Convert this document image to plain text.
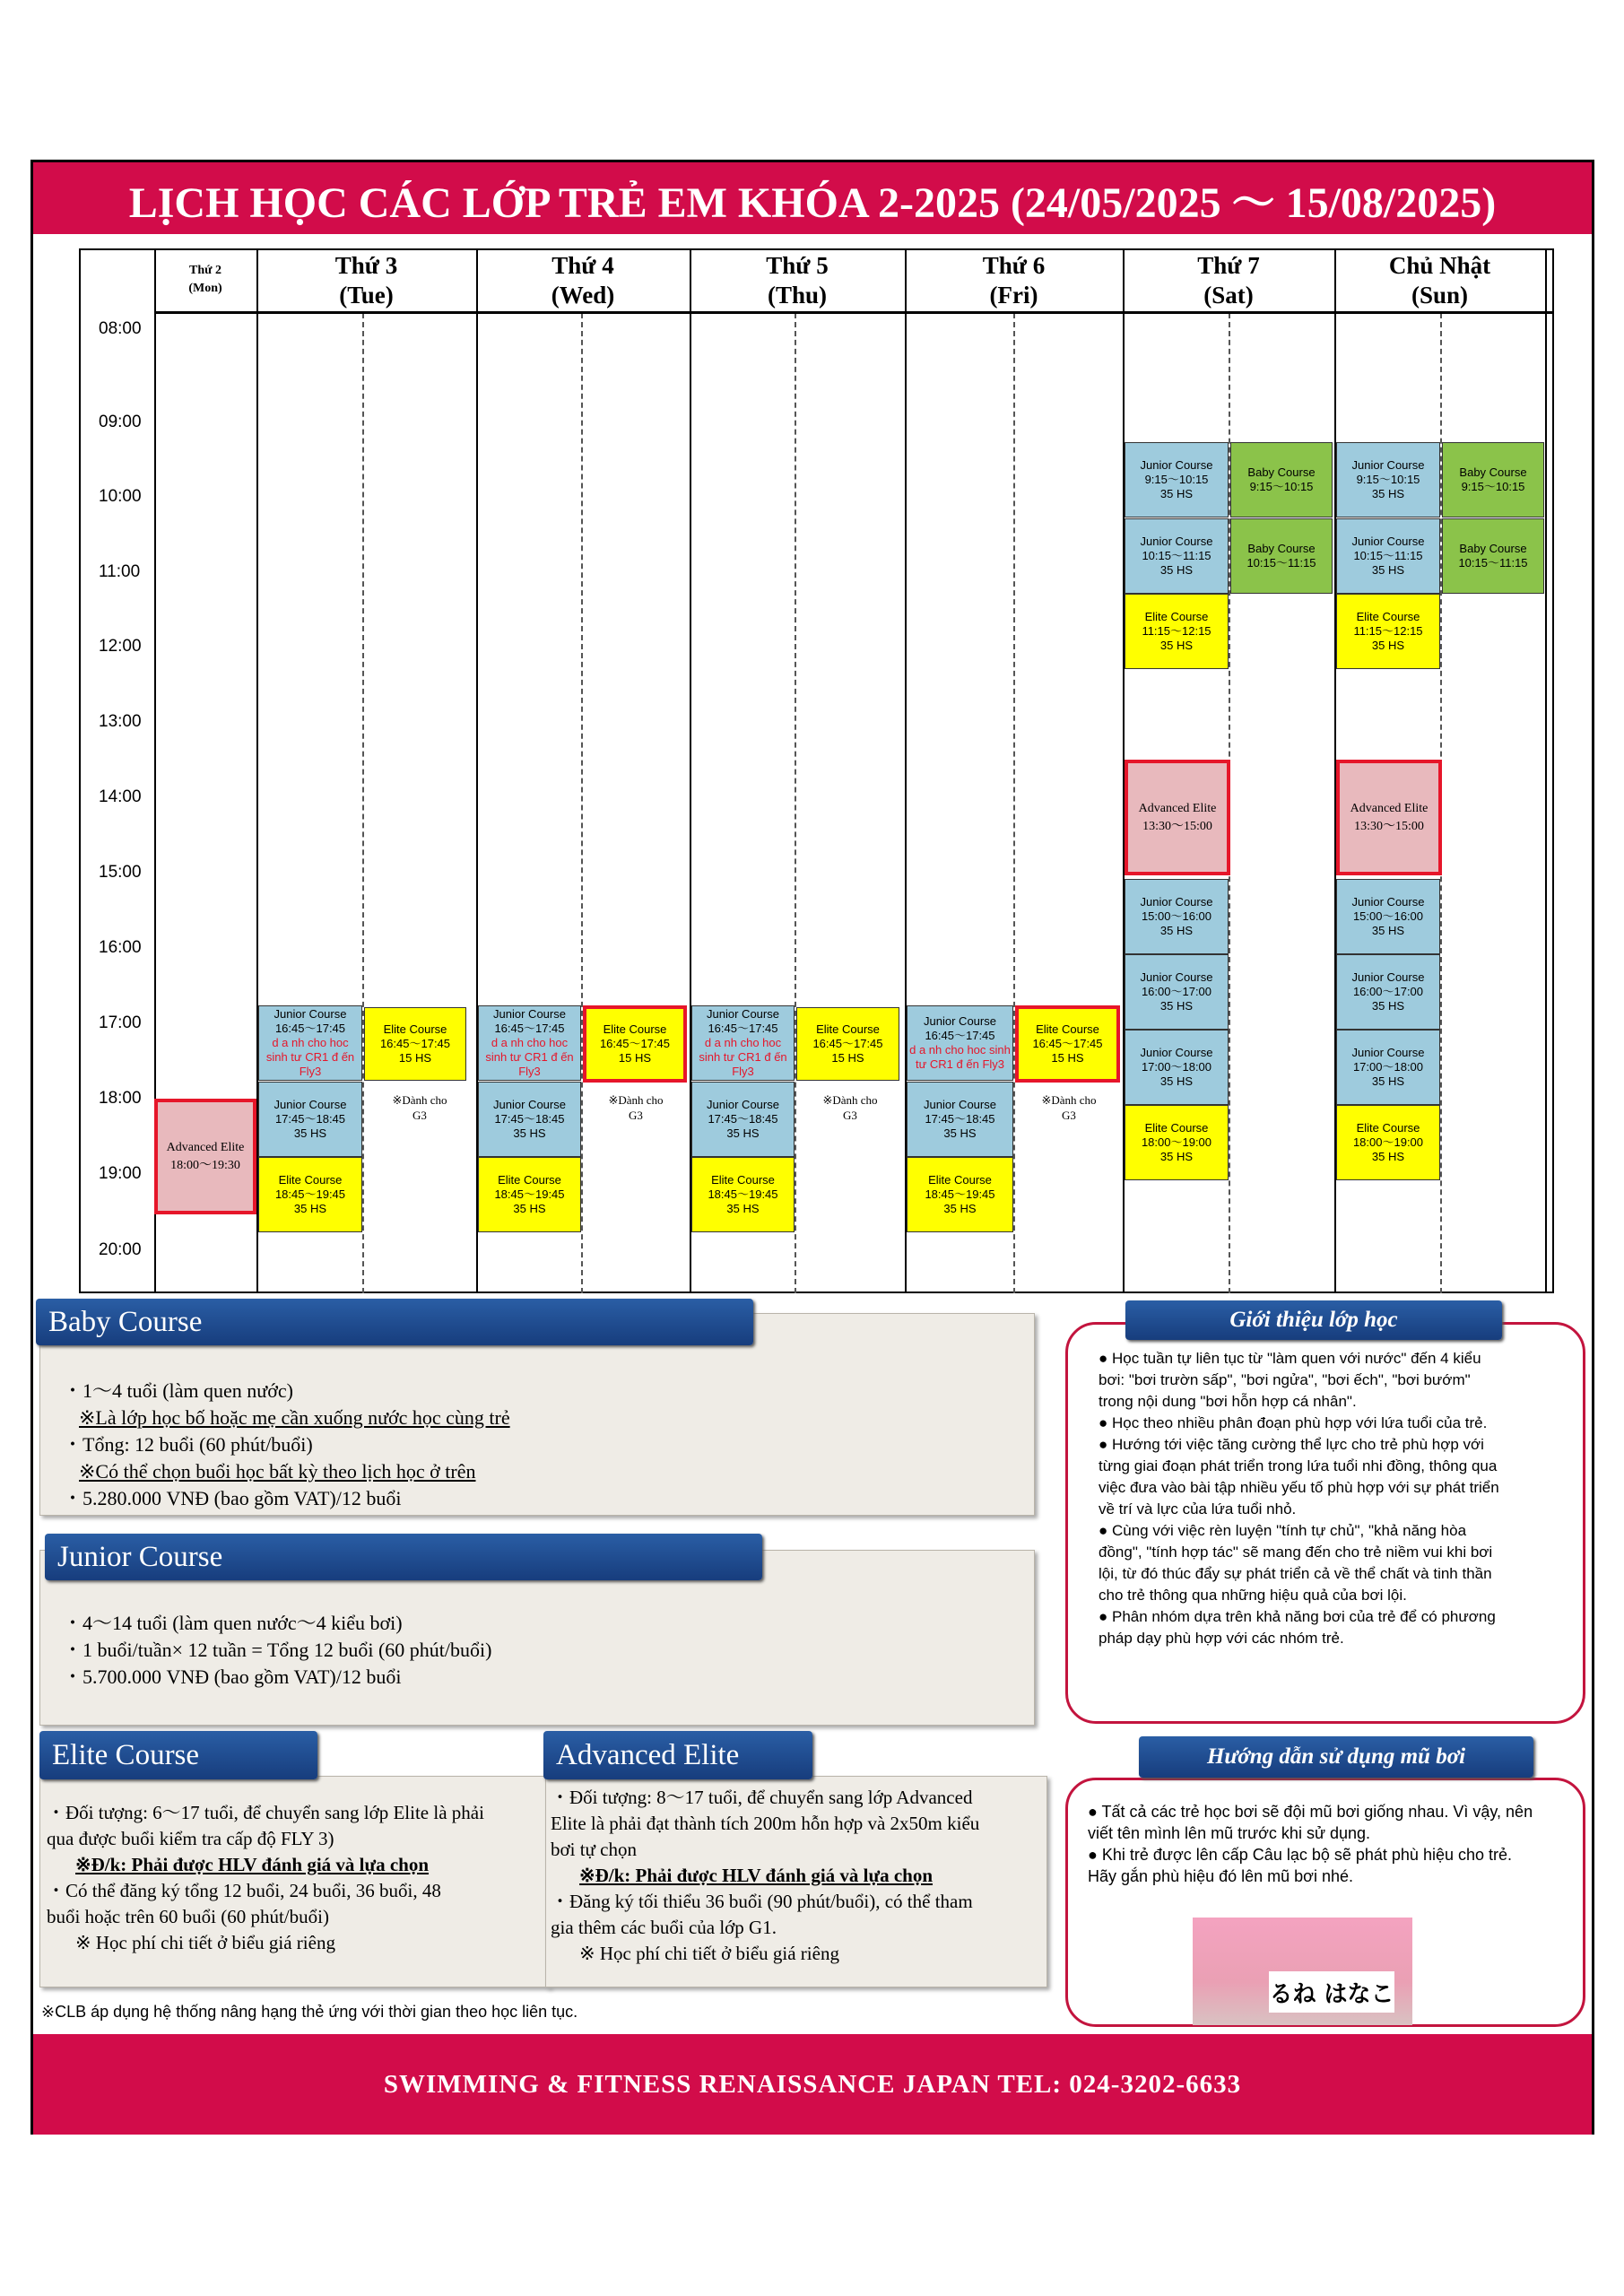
LỊCH HỌC CÁC LỚP TRẺ EM KHÓA 2-2025 (24/05/2025 ～ 15/08/2025)
Thứ 2
(Mon)
Thứ 3
(Tue)
Thứ 4
(Wed)
Thứ 5
(Thu)
Thứ 6
(Fri)
Thứ 7
(Sat)
Chủ Nhật
(Sun)
08:00
09:00
10:00
11:00
12:00
13:00
14:00
15:00
16:00
17:00
18:00
19:00
20:00
Advanced Elite
18:00～19:30
Junior Course
16:45～17:45
d a nh cho hoc
sinh tư CR1 đ ến
Fly3
Elite Course
16:45～17:45
15 HS
Junior Course
17:45～18:45
35 HS
※Dành cho
G3
Elite Course
18:45～19:45
35 HS
Junior Course
16:45～17:45
d a nh cho hoc
sinh tư CR1 đ ến
Fly3
Elite Course
16:45～17:45
15 HS
Junior Course
17:45～18:45
35 HS
※Dành cho
G3
Elite Course
18:45～19:45
35 HS
Junior Course
16:45～17:45
d a nh cho hoc
sinh tư CR1 đ ến
Fly3
Elite Course
16:45～17:45
15 HS
Junior Course
17:45～18:45
35 HS
※Dành cho
G3
Elite Course
18:45～19:45
35 HS
Junior Course
16:45～17:45
d a nh cho hoc sinh
tư CR1 đ ến Fly3
Elite Course
16:45～17:45
15 HS
Junior Course
17:45～18:45
35 HS
※Dành cho
G3
Elite Course
18:45～19:45
35 HS
Junior Course
9:15～10:15
35 HS
Baby Course
9:15～10:15
Junior Course
10:15～11:15
35 HS
Baby Course
10:15～11:15
Elite Course
11:15～12:15
35 HS
Advanced Elite
13:30～15:00
Junior Course
15:00～16:00
35 HS
Junior Course
16:00～17:00
35 HS
Junior Course
17:00～18:00
35 HS
Elite Course
18:00～19:00
35 HS
Junior Course
9:15～10:15
35 HS
Baby Course
9:15～10:15
Junior Course
10:15～11:15
35 HS
Baby Course
10:15～11:15
Elite Course
11:15～12:15
35 HS
Advanced Elite
13:30～15:00
Junior Course
15:00～16:00
35 HS
Junior Course
16:00～17:00
35 HS
Junior Course
17:00～18:00
35 HS
Elite Course
18:00～19:00
35 HS
Baby Course
・1～4 tuổi (làm quen nước)
※Là lớp học bố hoặc mẹ cần xuống nước học cùng trẻ
・Tổng: 12 buổi (60 phút/buổi)
※Có thể chọn buổi học bất kỳ theo lịch học ở trên
・5.280.000 VNĐ (bao gồm VAT)/12 buổi
Junior Course
・4～14 tuổi (làm quen nước～4 kiểu bơi)
・1 buổi/tuần× 12 tuần = Tổng 12 buổi (60 phút/buổi)
・5.700.000 VNĐ (bao gồm VAT)/12 buổi
Elite Course
・Đối tượng: 6～17 tuổi, để chuyển sang lớp Elite là phải
qua được buổi kiểm tra cấp độ FLY 3)
※Đ/k: Phải được HLV đánh giá và lựa chọn
・Có thể đăng ký tổng 12 buổi, 24 buổi, 36 buổi, 48
buổi hoặc trên 60 buổi (60 phút/buổi)
※ Học phí chi tiết ở biểu giá riêng
Advanced Elite
・Đối tượng: 8～17 tuổi, để chuyển sang lớp Advanced
Elite là phải đạt thành tích 200m hỗn hợp và 2x50m kiểu
bơi tự chọn
※Đ/k: Phải được HLV đánh giá và lựa chọn
・Đăng ký tối thiểu 36 buổi (90 phút/buổi), có thể tham
gia thêm các buổi của lớp G1.
※ Học phí chi tiết ở biểu giá riêng
Giới thiệu lớp học
● Học tuần tự liên tục từ "làm quen với nước" đến 4 kiểu
bơi: "bơi trườn sấp", "bơi ngửa", "bơi ếch", "bơi bướm"
trong nội dung "bơi hỗn hợp cá nhân".
● Học theo nhiều phân đoạn phù hợp với lứa tuổi của trẻ.
● Hướng tới việc tăng cường thể lực cho trẻ phù hợp với
từng giai đoạn phát triển trong lứa tuổi nhi đồng, thông qua
việc đưa vào bài tập nhiều yếu tố phù hợp với sự phát triển
về trí và lực của lứa tuổi nhỏ.
● Cùng với việc rèn luyện "tính tự chủ", "khả năng hòa
đồng", "tính hợp tác" sẽ mang đến cho trẻ niềm vui khi bơi
lội, từ đó thúc đẩy sự phát triển cả về thể chất và tinh thần
cho trẻ thông qua những hiệu quả của bơi lội.
● Phân nhóm dựa trên khả năng bơi của trẻ để có phương
pháp dạy phù hợp với các nhóm trẻ.
Hướng dẫn sử dụng mũ bơi
● Tất cả các trẻ học bơi sẽ đội mũ bơi giống nhau. Vì vậy, nên
viết tên mình lên mũ trước khi sử dụng.
● Khi trẻ được lên cấp Câu lạc bộ sẽ phát phù hiệu cho trẻ.
Hãy gắn phù hiệu đó lên mũ bơi nhé.
るね はなこ
※CLB áp dụng hệ thống nâng hạng thẻ ứng với thời gian theo học liên tục.
SWIMMING & FITNESS RENAISSANCE JAPAN TEL: 024-3202-6633
